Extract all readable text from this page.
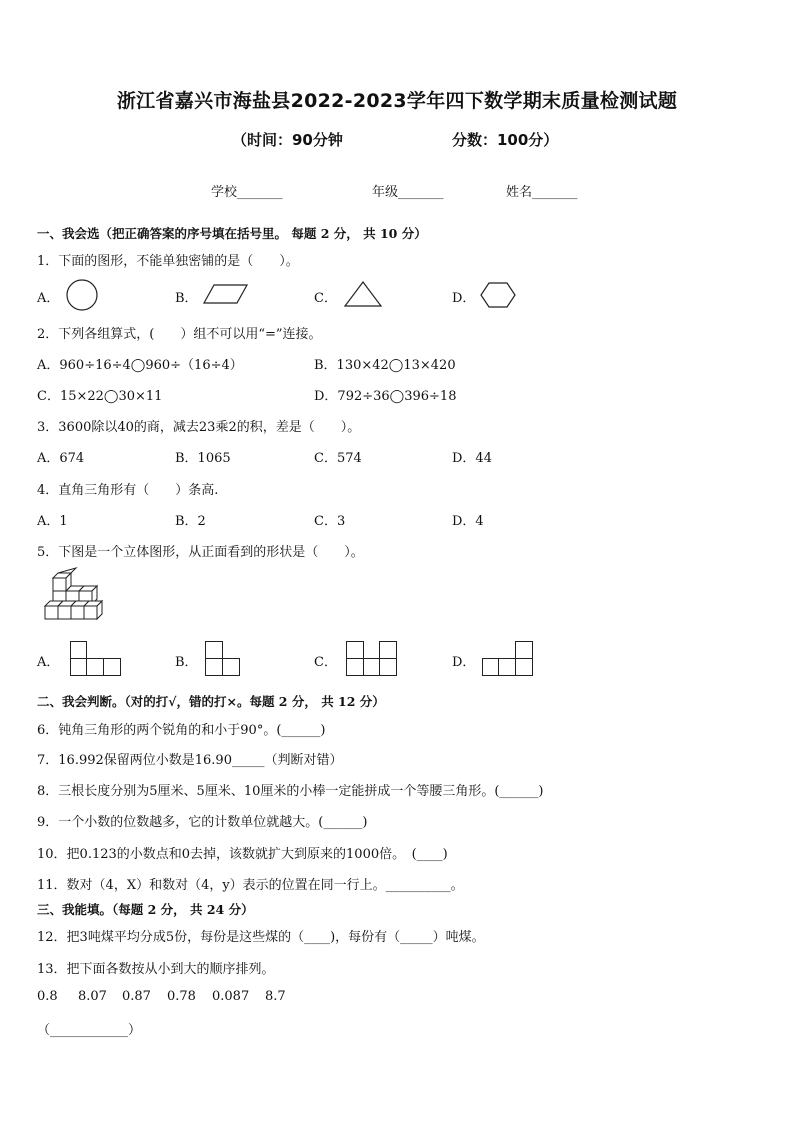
浙江省嘉兴市海盐县2022-2023学年四下数学期末质量检测试题
（时间：90分钟	分数：100分）
学校_______	年级_______	姓名_______
一、我会选（把正确答案的序号填在括号里。 每题 2 分， 共 10 分）
1．下面的图形，不能单独密铺的是（　　）。
A．	B．	C．	D．
2．下列各组算式，(　　）组不可以用“=”连接。
A．960÷16÷4◯960÷（16÷4）	B．130×42◯13×420
C．15×22◯30×11	D．792÷36◯396÷18
3．3600除以40的商，减去23乘2的积，差是（　　）。
A．674	B．1065	C．574	D．44
4．直角三角形有（　　）条高.
A．1	B．2	C．3	D．4
5．下图是一个立体图形，从正面看到的形状是（　　）。
A．	B．	C．	D．
二、我会判断。（对的打√，错的打×。每题 2 分， 共 12 分）
6．钝角三角形的两个锐角的和小于90°。(______)
7．16.992保留两位小数是16.90_____（判断对错）
8．三根长度分别为5厘米、5厘米、10厘米的小棒一定能拼成一个等腰三角形。(______)
9．一个小数的位数越多，它的计数单位就越大。(______)
10．把0.123的小数点和0去掉，该数就扩大到原来的1000倍。　(____)
11．数对（4，X）和数对（4，y）表示的位置在同一行上。__________。
三、我能填。（每题 2 分， 共 24 分）
12．把3吨煤平均分成5份，每份是这些煤的（____)，每份有（_____）吨煤。
13．把下面各数按从小到大的顺序排列。
0.8 8.07 0.87 0.78 0.087 8.7
（____________）
